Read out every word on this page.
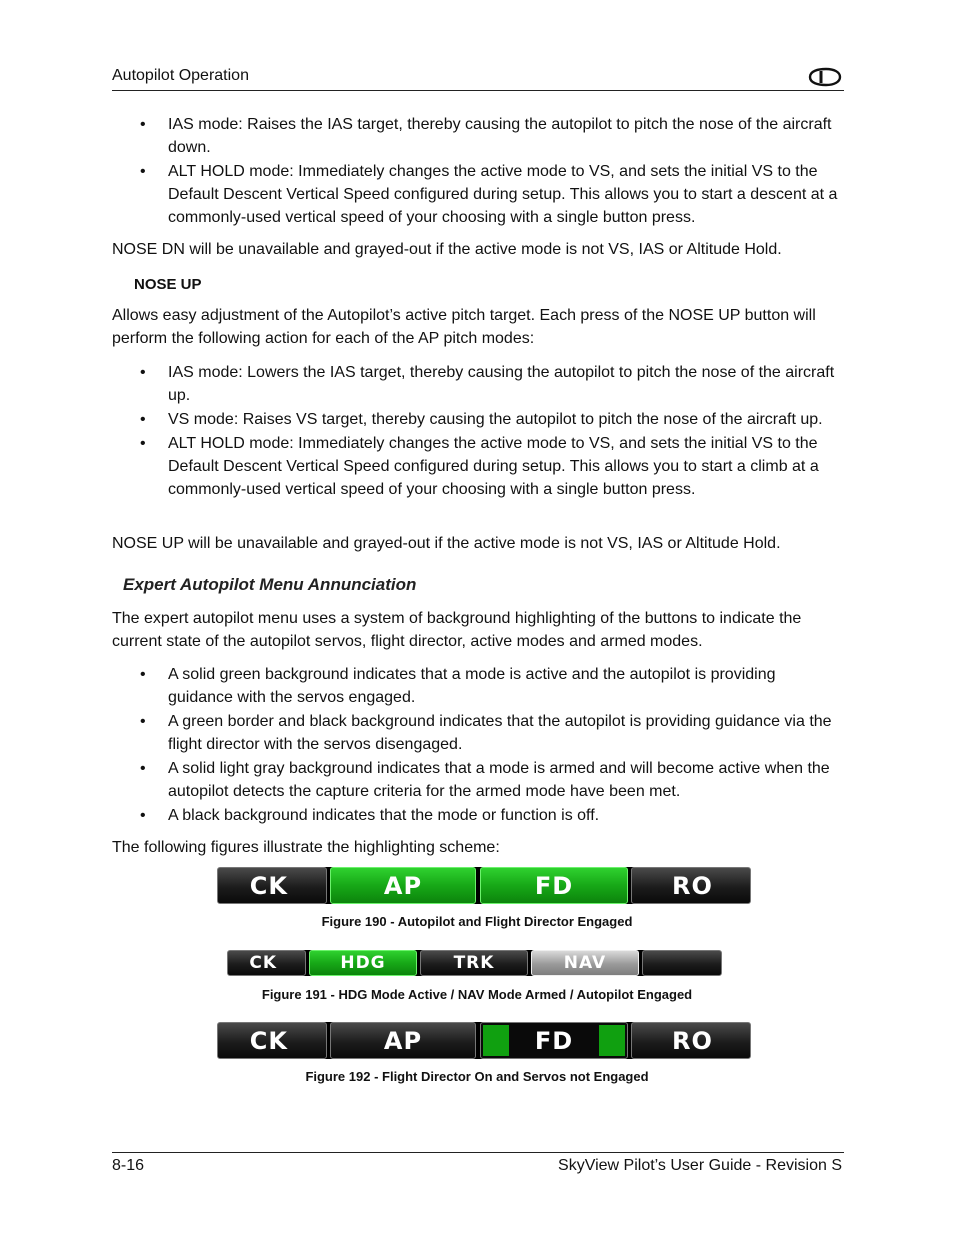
Autopilot Operation
• IAS mode: Raises the IAS target, thereby causing the autopilot to pitch the nose of the aircraft down.
• ALT HOLD mode: Immediately changes the active mode to VS, and sets the initial VS to the Default Descent Vertical Speed configured during setup. This allows you to start a descent at a commonly-used vertical speed of your choosing with a single button press.

NOSE DN will be unavailable and grayed-out if the active mode is not VS, IAS or Altitude Hold.

NOSE UP

Allows easy adjustment of the Autopilot’s active pitch target. Each press of the NOSE UP button will perform the following action for each of the AP pitch modes:

• IAS mode: Lowers the IAS target, thereby causing the autopilot to pitch the nose of the aircraft up.
• VS mode: Raises VS target, thereby causing the autopilot to pitch the nose of the aircraft up.
• ALT HOLD mode: Immediately changes the active mode to VS, and sets the initial VS to the Default Descent Vertical Speed configured during setup. This allows you to start a climb at a commonly-used vertical speed of your choosing with a single button press.

NOSE UP will be unavailable and grayed-out if the active mode is not VS, IAS or Altitude Hold.

Expert Autopilot Menu Annunciation

The expert autopilot menu uses a system of background highlighting of the buttons to indicate the current state of the autopilot servos, flight director, active modes and armed modes.

• A solid green background indicates that a mode is active and the autopilot is providing guidance with the servos engaged.
• A green border and black background indicates that the autopilot is providing guidance via the flight director with the servos disengaged.
• A solid light gray background indicates that a mode is armed and will become active when the autopilot detects the capture criteria for the armed mode have been met.
• A black background indicates that the mode or function is off.

The following figures illustrate the highlighting scheme:

CK	AP	FD	RO
Figure 190 - Autopilot and Flight Director Engaged
CK	HDG	TRK	NAV
Figure 191 - HDG Mode Active / NAV Mode Armed / Autopilot Engaged
CK	AP	FD	RO
Figure 192 - Flight Director On and Servos not Engaged
8-16	SkyView Pilot’s User Guide - Revision S
